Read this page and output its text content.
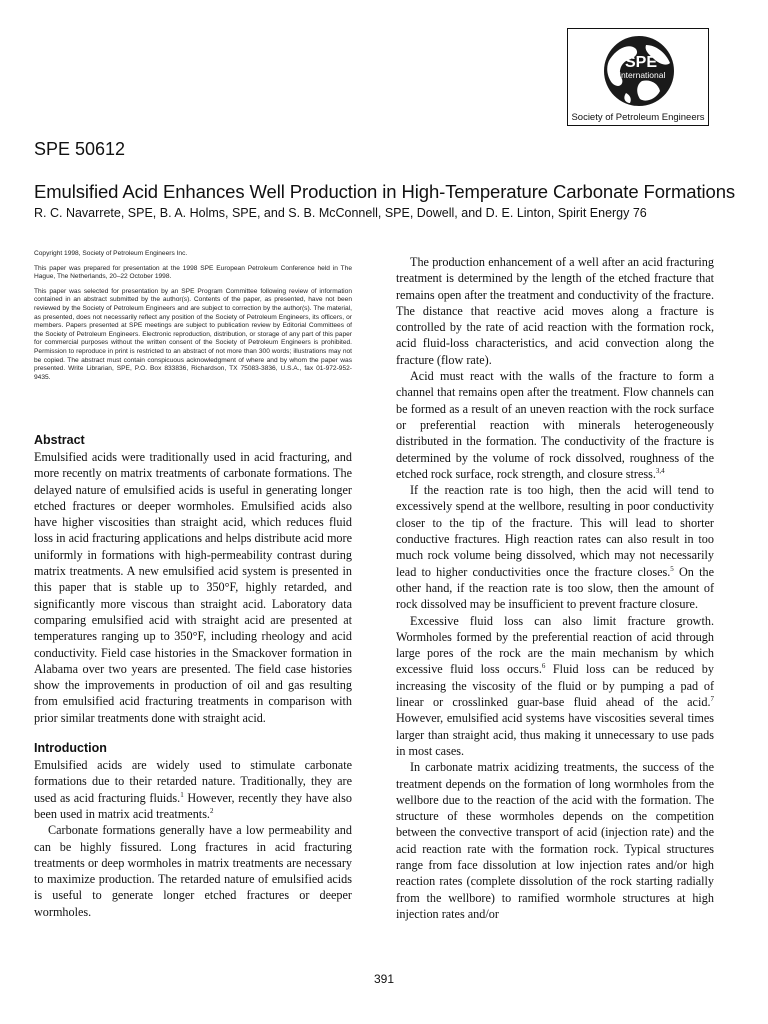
SPE
International
Society of Petroleum Engineers
SPE 50612
Emulsified Acid Enhances Well Production in High-Temperature Carbonate Formations
R. C. Navarrete, SPE, B. A. Holms, SPE, and S. B. McConnell, SPE, Dowell, and D. E. Linton, Spirit Energy 76

Copyright 1998, Society of Petroleum Engineers Inc.

This paper was prepared for presentation at the 1998 SPE European Petroleum Conference held in The Hague, The Netherlands, 20–22 October 1998.

This paper was selected for presentation by an SPE Program Committee following review of information contained in an abstract submitted by the author(s). Contents of the paper, as presented, have not been reviewed by the Society of Petroleum Engineers and are subject to correction by the author(s). The material, as presented, does not necessarily reflect any position of the Society of Petroleum Engineers, its officers, or members. Papers presented at SPE meetings are subject to publication review by Editorial Committees of the Society of Petroleum Engineers. Electronic reproduction, distribution, or storage of any part of this paper for commercial purposes without the written consent of the Society of Petroleum Engineers is prohibited. Permission to reproduce in print is restricted to an abstract of not more than 300 words; illustrations may not be copied. The abstract must contain conspicuous acknowledgment of where and by whom the paper was presented. Write Librarian, SPE, P.O. Box 833836, Richardson, TX 75083-3836, U.S.A., fax 01-972-952-9435.

Abstract

Emulsified acids were traditionally used in acid fracturing, and more recently on matrix treatments of carbonate formations. The delayed nature of emulsified acids is useful in generating longer etched fractures or deeper wormholes. Emulsified acids also have higher viscosities than straight acid, which reduces fluid loss in acid fracturing applications and helps distribute acid more uniformly in formations with high-permeability contrast during matrix treatments. A new emulsified acid system is presented in this paper that is stable up to 350°F, highly retarded, and significantly more viscous than straight acid. Laboratory data comparing emulsified acid with straight acid are presented at temperatures ranging up to 350°F, including rheology and acid conductivity. Field case histories in the Smackover formation in Alabama over two years are presented. The field case histories show the improvements in production of oil and gas resulting from emulsified acid fracturing treatments in comparison with prior similar treatments done with straight acid.

Introduction

Emulsified acids are widely used to stimulate carbonate formations due to their retarded nature. Traditionally, they are used as acid fracturing fluids.$^1$ However, recently they have also been used in matrix acid treatments.$^2$

Carbonate formations generally have a low permeability and can be highly fissured. Long fractures in acid fracturing treatments or deep wormholes in matrix treatments are necessary to maximize production. The retarded nature of emulsified acids is useful to generate longer etched fractures or deeper wormholes.

The production enhancement of a well after an acid fracturing treatment is determined by the length of the etched fracture that remains open after the treatment and conductivity of the fracture. The distance that reactive acid moves along a fracture is controlled by the rate of acid reaction with the formation rock, acid fluid-loss characteristics, and acid convection along the fracture (flow rate).

Acid must react with the walls of the fracture to form a channel that remains open after the treatment. Flow channels can be formed as a result of an uneven reaction with the rock surface or preferential reaction with minerals heterogeneously distributed in the formation. The conductivity of the fracture is determined by the volume of rock dissolved, roughness of the etched rock surface, rock strength, and closure stress.$^{3,4}$

If the reaction rate is too high, then the acid will tend to excessively spend at the wellbore, resulting in poor conductivity closer to the tip of the fracture. This will lead to shorter conductive fractures. High reaction rates can also result in too much rock volume being dissolved, which may not necessarily lead to higher conductivities once the fracture closes.$^5$ On the other hand, if the reaction rate is too slow, then the amount of rock dissolved may be insufficient to prevent fracture closure.

Excessive fluid loss can also limit fracture growth. Wormholes formed by the preferential reaction of acid through large pores of the rock are the main mechanism by which excessive fluid loss occurs.$^6$ Fluid loss can be reduced by increasing the viscosity of the fluid or by pumping a pad of linear or crosslinked guar-base fluid ahead of the acid.$^7$ However, emulsified acid systems have viscosities several times larger than straight acid, thus making it unnecessary to use pads in most cases.

In carbonate matrix acidizing treatments, the success of the treatment depends on the formation of long wormholes from the wellbore due to the reaction of the acid with the formation. The structure of these wormholes depends on the competition between the convective transport of acid (injection rate) and the acid reaction rate with the formation rock. Typical structures range from face dissolution at low injection rates and/or high reaction rates (complete dissolution of the rock starting radially from the wellbore) to ramified wormhole structures at high injection rates and/or

391
